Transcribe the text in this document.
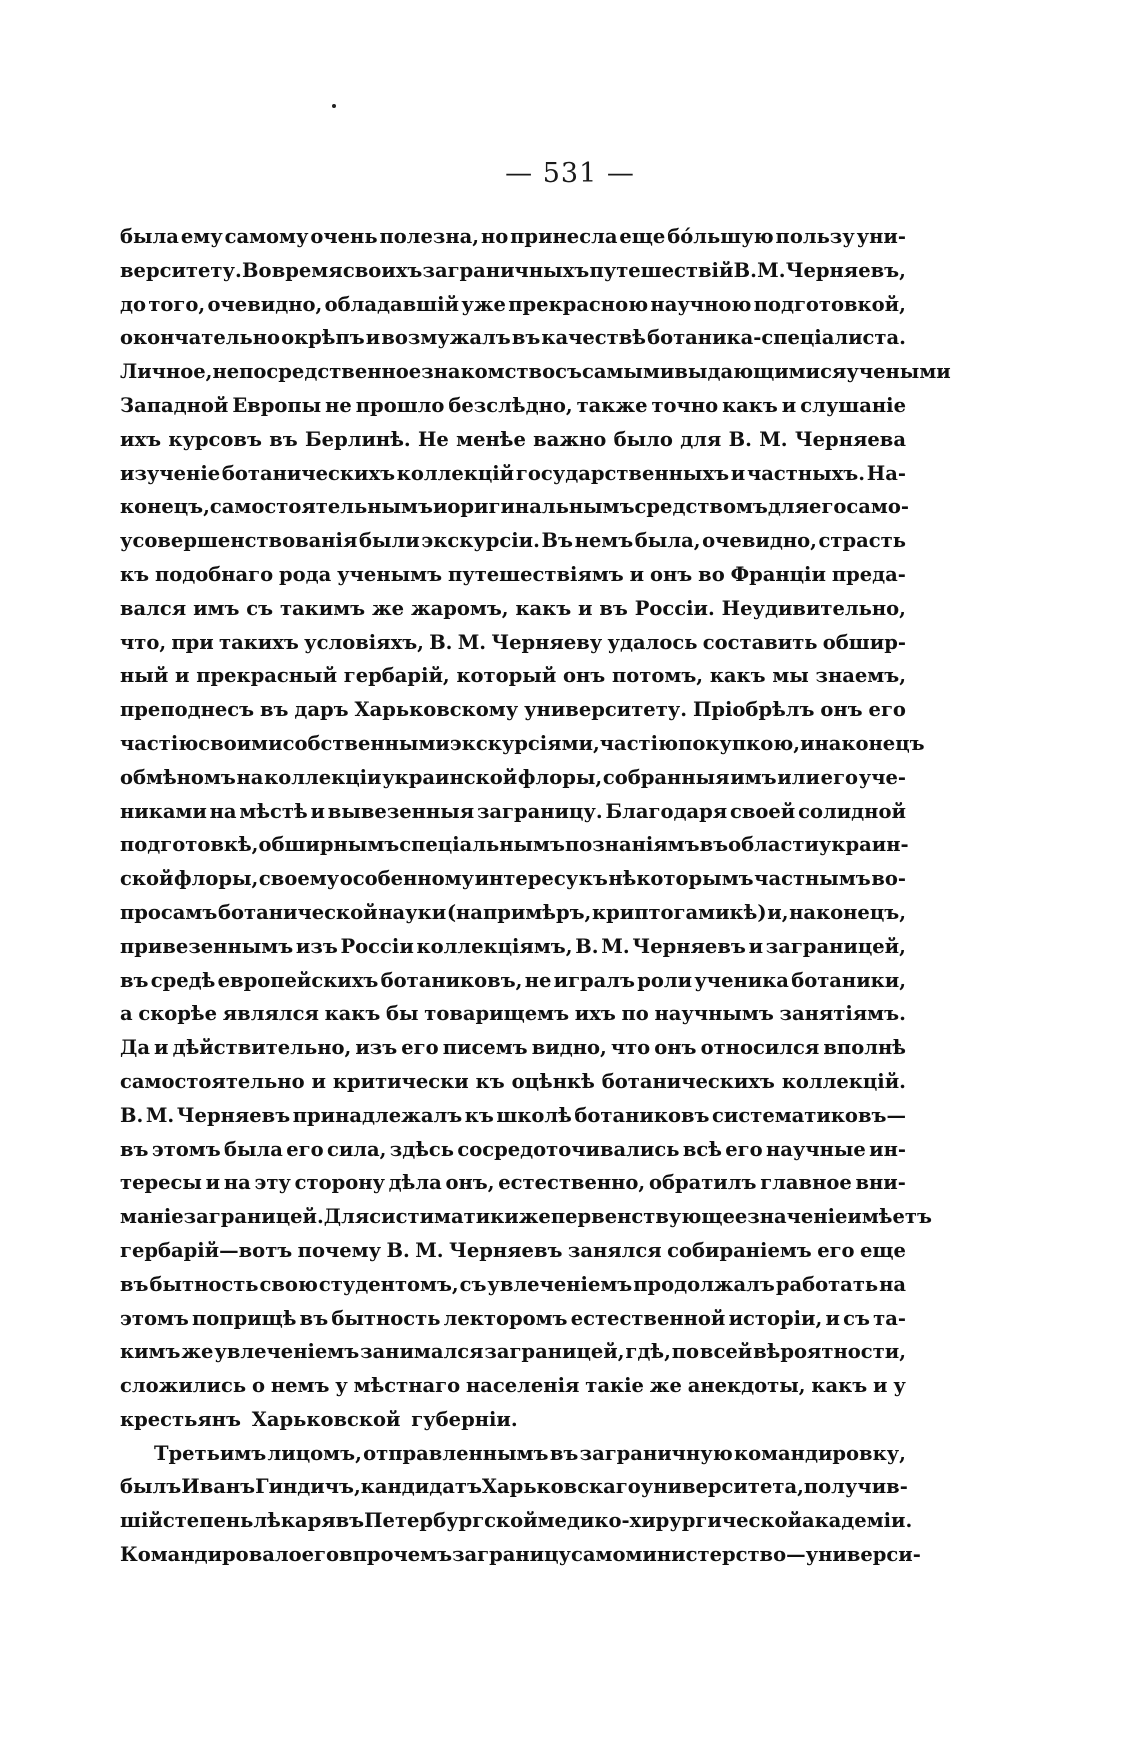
— 531 —
была ему самому очень полезна, но принесла еще бо́льшую пользу уни-
верситету. Во время своихъ заграничныхъ путешествій В. М. Черняевъ,
до того, очевидно, обладавшій уже прекрасною научною подготовкой,
окончательно окрѣпъ и возмужалъ въ качествѣ ботаника-спеціалиста.
Личное, непосредственное знакомство съ самыми выдающимися учеными
Западной Европы не прошло безслѣдно, также точно какъ и слушаніе
ихъ курсовъ въ Берлинѣ. Не менѣе важно было для В. М. Черняева
изученіе ботаническихъ коллекцій государственныхъ и частныхъ. На-
конецъ, самостоятельнымъ и оригинальнымъ средствомъ для его само-
усовершенствованія были экскурсіи. Въ немъ была, очевидно, страсть
къ подобнаго рода ученымъ путешествіямъ и онъ во Франціи преда-
вался имъ съ такимъ же жаромъ, какъ и въ Россіи. Неудивительно,
что, при такихъ условіяхъ, В. М. Черняеву удалось составить обшир-
ный и прекрасный гербарій, который онъ потомъ, какъ мы знаемъ,
преподнесъ въ даръ Харьковскому университету. Пріобрѣлъ онъ его
частію своими собственными экскурсіями, частію покупкою, и наконецъ
обмѣномъ на коллекціи украинской флоры, собранныя имъ или его уче-
никами на мѣстѣ и вывезенныя заграницу. Благодаря своей солидной
подготовкѣ, обширнымъ спеціальнымъ познаніямъ въ области украин-
ской флоры, своему особенному интересу къ нѣкоторымъ частнымъ во-
просамъ ботанической науки (напримѣръ, криптогамикѣ) и, наконецъ,
привезеннымъ изъ Россіи коллекціямъ, В. М. Черняевъ и заграницей,
въ средѣ европейскихъ ботаниковъ, не игралъ роли ученика ботаники,
а скорѣе являлся какъ бы товарищемъ ихъ по научнымъ занятіямъ.
Да и дѣйствительно, изъ его писемъ видно, что онъ относился вполнѣ
самостоятельно и критически къ оцѣнкѣ ботаническихъ коллекцій.
В. М. Черняевъ принадлежалъ къ школѣ ботаниковъ систематиковъ—
въ этомъ была его сила, здѣсь сосредоточивались всѣ его научные ин-
тересы и на эту сторону дѣла онъ, естественно, обратилъ главное вни-
маніе за границей. Для систиматики же первенствующее значеніе имѣетъ
гербарій—вотъ почему В. М. Черняевъ занялся собираніемъ его еще
въ бытность свою студентомъ, съ увлеченіемъ продолжалъ работать на
этомъ поприщѣ въ бытность лекторомъ естественной исторіи, и съ та-
кимъ же увлеченіемъ занимался заграницей, гдѣ, по всей вѣроятности,
сложились о немъ у мѣстнаго населенія такіе же анекдоты, какъ и у
крестьянъ Харьковской губерніи.
Третьимъ лицомъ, отправленнымъ въ заграничную командировку,
былъ Иванъ Гиндичъ, кандидатъ Харьковскаго университета, получив-
шій степень лѣкаря въ Петербургской медико-хирургической академіи.
Командировало его впрочемъ заграницу само министерство—универси-
